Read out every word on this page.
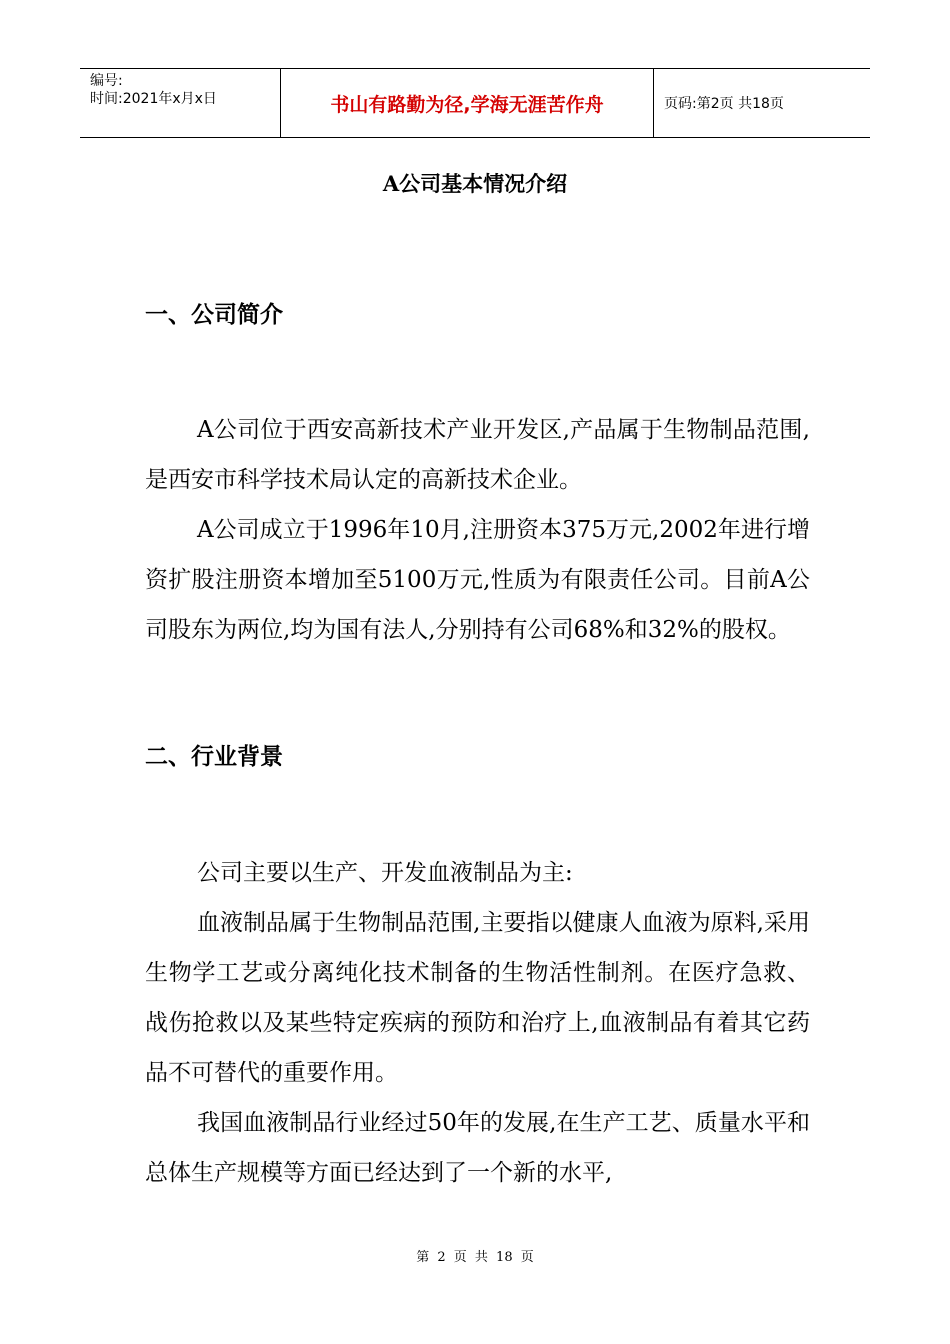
编号:
时间:2021年x月x日	书山有路勤为径,学海无涯苦作舟	页码:第2页 共18页
A公司基本情况介绍
一、公司简介

A公司位于西安高新技术产业开发区,产品属于生物制品范围,是西安市科学技术局认定的高新技术企业。

A公司成立于1996年10月,注册资本375万元,2002年进行增资扩股注册资本增加至5100万元,性质为有限责任公司。目前A公司股东为两位,均为国有法人,分别持有公司68%和32%的股权。

二、行业背景

公司主要以生产、开发血液制品为主:

血液制品属于生物制品范围,主要指以健康人血液为原料,采用生物学工艺或分离纯化技术制备的生物活性制剂。在医疗急救、战伤抢救以及某些特定疾病的预防和治疗上,血液制品有着其它药品不可替代的重要作用。

我国血液制品行业经过50年的发展,在生产工艺、质量水平和总体生产规模等方面已经达到了一个新的水平,

第 2 页 共 18 页
